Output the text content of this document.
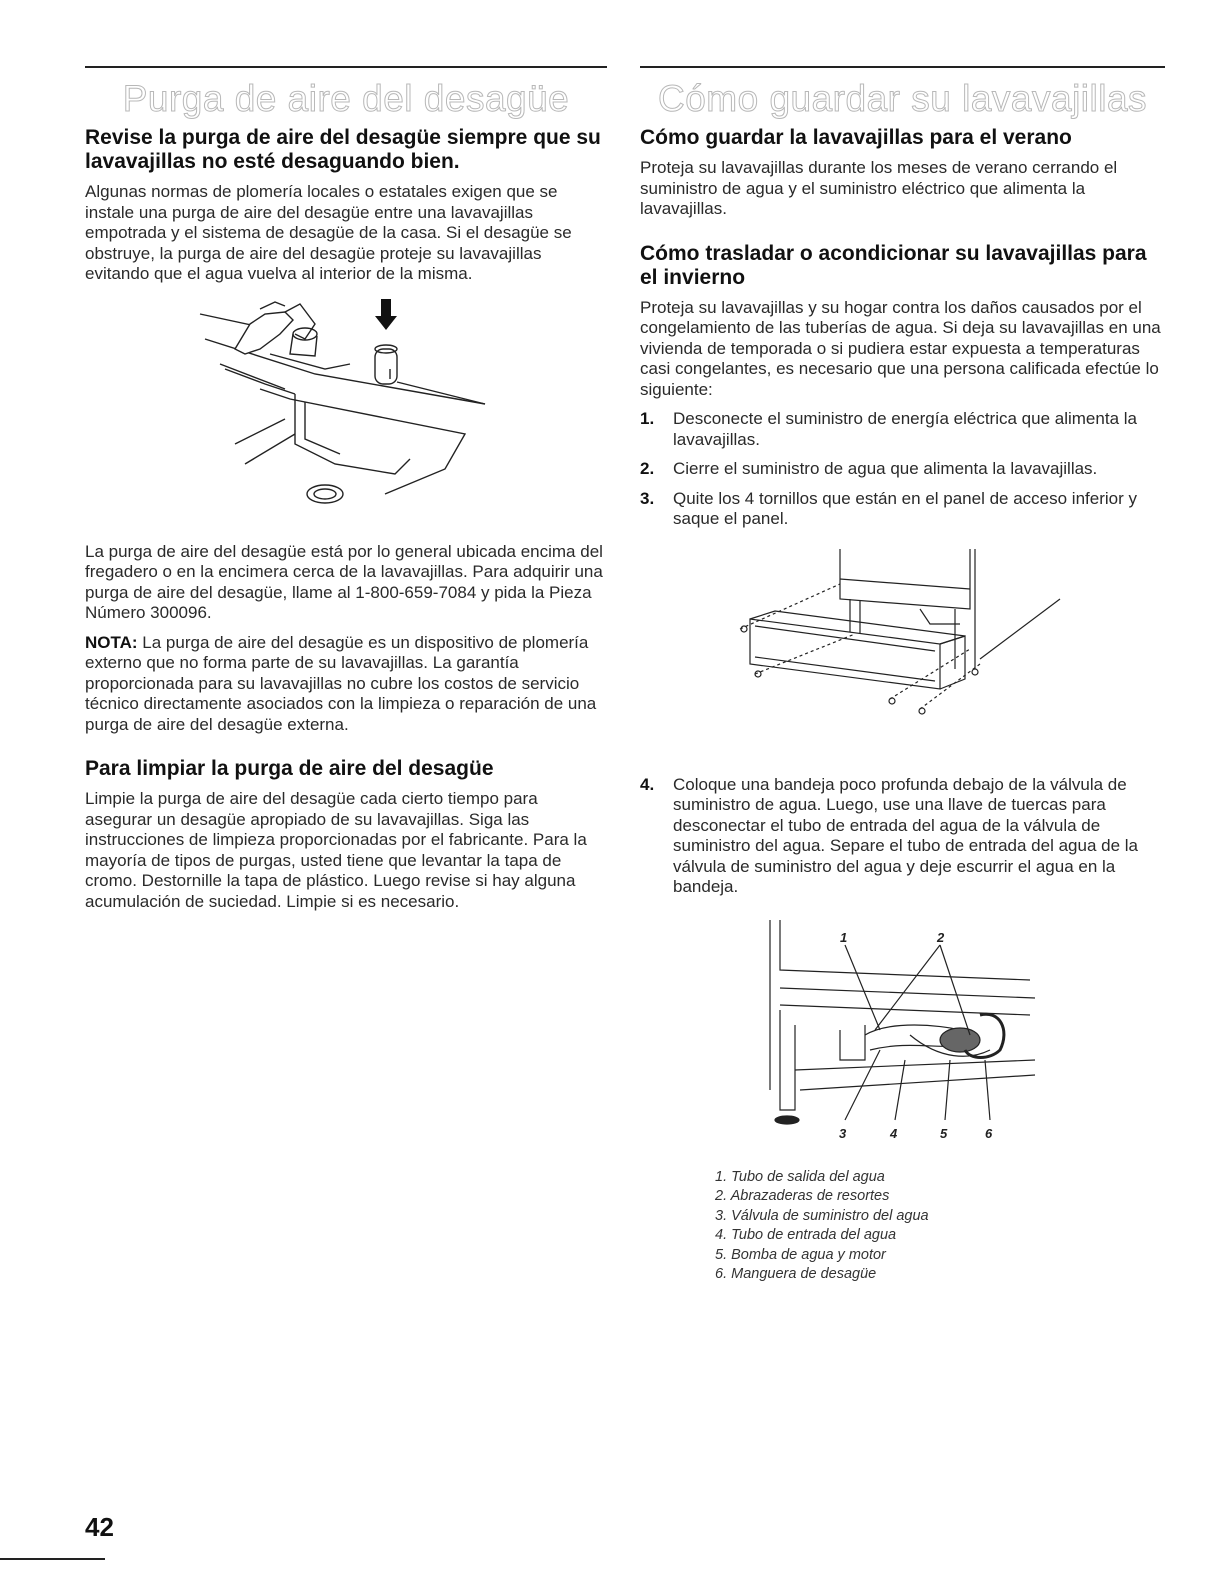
Purga de aire del desagüe
Revise la purga de aire del desagüe siempre que su lavavajillas no esté desaguando bien.

Algunas normas de plomería locales o estatales exigen que se instale una purga de aire del desagüe entre una lavavajillas empotrada y el sistema de desagüe de la casa. Si el desagüe se obstruye, la purga de aire del desagüe proteje su lavavajillas evitando que el agua vuelva al interior de la misma.

La purga de aire del desagüe está por lo general ubicada encima del fregadero o en la encimera cerca de la lavavajillas. Para adquirir una purga de aire del desagüe, llame al 1-800-659-7084 y pida la Pieza Número 300096.

NOTA: La purga de aire del desagüe es un dispositivo de plomería externo que no forma parte de su lavavajillas. La garantía proporcionada para su lavavajillas no cubre los costos de servicio técnico directamente asociados con la limpieza o reparación de una purga de aire del desagüe externa.

Para limpiar la purga de aire del desagüe

Limpie la purga de aire del desagüe cada cierto tiempo para asegurar un desagüe apropiado de su lavavajillas. Siga las instrucciones de limpieza proporcionadas por el fabricante. Para la mayoría de tipos de purgas, usted tiene que levantar la tapa de cromo. Destornille la tapa de plástico. Luego revise si hay alguna acumulación de suciedad. Limpie si es necesario.

Cómo guardar su lavavajillas
Cómo guardar la lavavajillas para el verano

Proteja su lavavajillas durante los meses de verano cerrando el suministro de agua y el suministro eléctrico que alimenta la lavavajillas.

Cómo trasladar o acondicionar su lavavajillas para el invierno

Proteja su lavavajillas y su hogar contra los daños causados por el congelamiento de las tuberías de agua. Si deja su lavavajillas en una vivienda de temporada o si pudiera estar expuesta a temperaturas casi congelantes, es necesario que una persona calificada efectúe lo siguiente:

1. Desconecte el suministro de energía eléctrica que alimenta la lavavajillas.
2. Cierre el suministro de agua que alimenta la lavavajillas.
3. Quite los 4 tornillos que están en el panel de acceso inferior y saque el panel.
4. Coloque una bandeja poco profunda debajo de la válvula de suministro de agua. Luego, use una llave de tuercas para desconectar el tubo de entrada del agua de la válvula de suministro del agua. Separe el tubo de entrada del agua de la válvula de suministro del agua y deje escurrir el agua en la bandeja.
1	2
3	4	5	6
1. Tubo de salida del agua
2. Abrazaderas de resortes
3. Válvula de suministro del agua
4. Tubo de entrada del agua
5. Bomba de agua y motor
6. Manguera de desagüe
42
